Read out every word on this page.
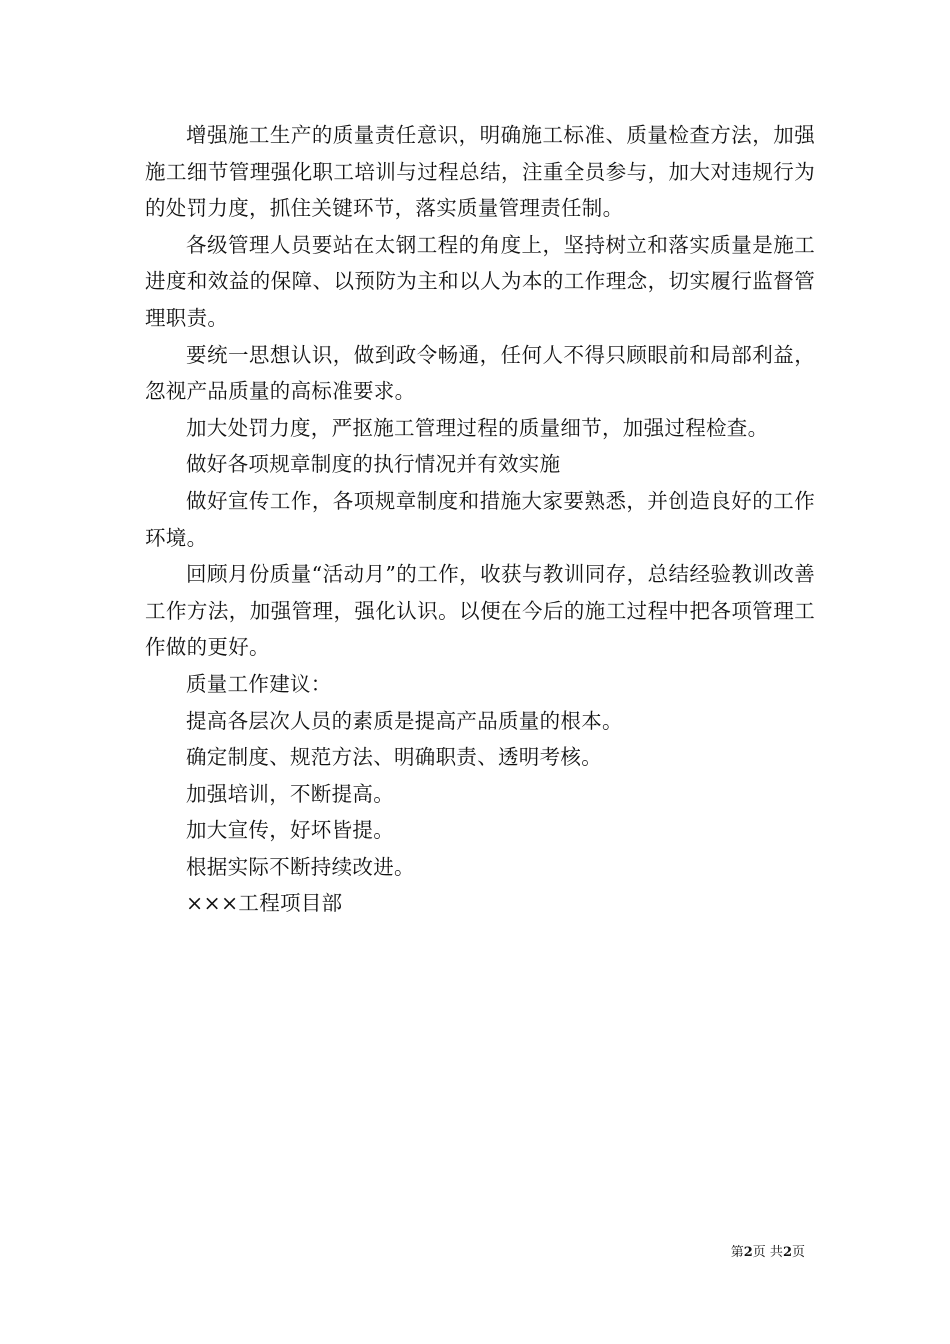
增强施工生产的质量责任意识，明确施工标准、质量检查方法，加强施工细节管理强化职工培训与过程总结，注重全员参与，加大对违规行为的处罚力度，抓住关键环节，落实质量管理责任制。

各级管理人员要站在太钢工程的角度上，坚持树立和落实质量是施工进度和效益的保障、以预防为主和以人为本的工作理念，切实履行监督管理职责。

要统一思想认识，做到政令畅通，任何人不得只顾眼前和局部利益，忽视产品质量的高标准要求。

加大处罚力度，严抠施工管理过程的质量细节，加强过程检查。

做好各项规章制度的执行情况并有效实施

做好宣传工作，各项规章制度和措施大家要熟悉，并创造良好的工作环境。

回顾月份质量“活动月”的工作，收获与教训同存，总结经验教训改善工作方法，加强管理，强化认识。以便在今后的施工过程中把各项管理工作做的更好。

质量工作建议：

提高各层次人员的素质是提高产品质量的根本。

确定制度、规范方法、明确职责、透明考核。

加强培训，不断提高。

加大宣传，好坏皆提。

根据实际不断持续改进。

×××工程项目部

第2页 共2页
